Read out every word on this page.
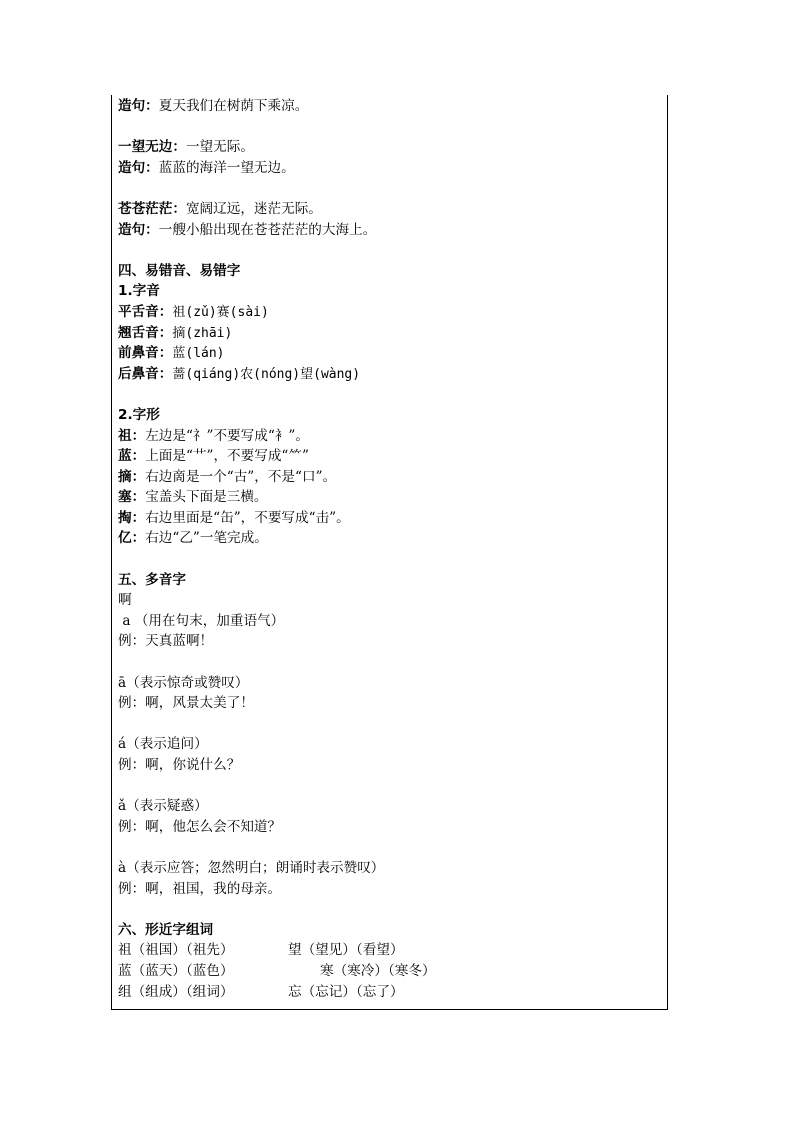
造句：夏天我们在树荫下乘凉。
一望无边：一望无际。
造句：蓝蓝的海洋一望无边。
苍苍茫茫：宽阔辽远，迷茫无际。
造句：一艘小船出现在苍苍茫茫的大海上。
四、易错音、易错字
1.字音
平舌音：祖(zǔ)赛(sài)
翘舌音：摘(zhāi)
前鼻音：蓝(lán)
后鼻音：蔷(qiáng)农(nóng)望(wàng)
2.字形
祖：左边是“礻”不要写成“衤”。
蓝：上面是“艹”，不要写成“⺮”
摘：右边啇是一个“古”，不是“口”。
塞：宝盖头下面是三横。
掏：右边里面是“缶”，不要写成“击”。
亿：右边“乙”一笔完成。
五、多音字
啊
a （用在句末，加重语气）
例：天真蓝啊！
ā（表示惊奇或赞叹）
例：啊，风景太美了！
á（表示追问）
例：啊，你说什么？
ǎ（表示疑惑）
例：啊，他怎么会不知道？
à（表示应答；忽然明白；朗诵时表示赞叹）
例：啊，祖国，我的母亲。
六、形近字组词
祖（祖国）（祖先）	望（望见）（看望）
蓝（蓝天）（蓝色）	寒（寒冷）（寒冬）
组（组成）（组词）	忘（忘记）（忘了）
